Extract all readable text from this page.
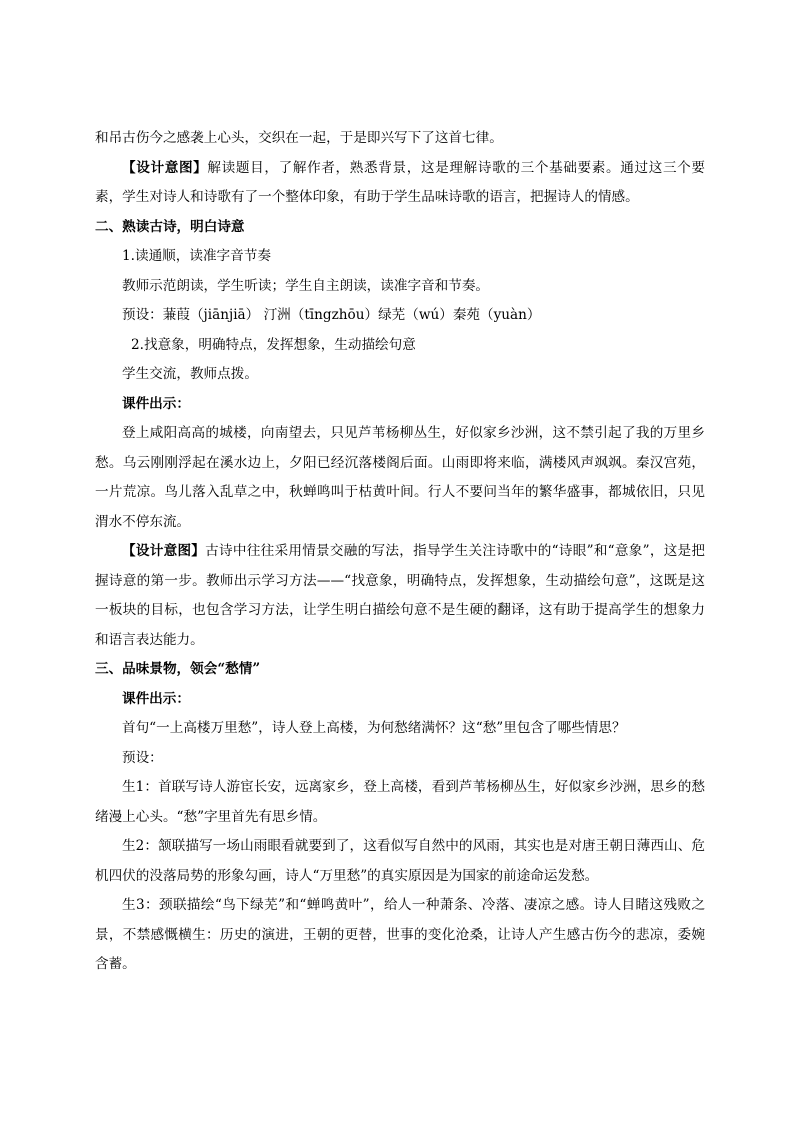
和吊古伤今之感袭上心头，交织在一起，于是即兴写下了这首七律。

【设计意图】解读题目，了解作者，熟悉背景，这是理解诗歌的三个基础要素。通过这三个要素，学生对诗人和诗歌有了一个整体印象，有助于学生品味诗歌的语言，把握诗人的情感。

二、熟读古诗，明白诗意

1.读通顺，读准字音节奏

教师示范朗读，学生听读；学生自主朗读，读准字音和节奏。

预设：蒹葭（jiānjiā） 汀洲（tīngzhōu）绿芜（wú）秦苑（yuàn）

2.找意象，明确特点，发挥想象，生动描绘句意

学生交流，教师点拨。

课件出示：

登上咸阳高高的城楼，向南望去，只见芦苇杨柳丛生，好似家乡沙洲，这不禁引起了我的万里乡愁。乌云刚刚浮起在溪水边上，夕阳已经沉落楼阁后面。山雨即将来临，满楼风声飒飒。秦汉宫苑，一片荒凉。鸟儿落入乱草之中，秋蝉鸣叫于枯黄叶间。行人不要问当年的繁华盛事，都城依旧，只见渭水不停东流。

【设计意图】古诗中往往采用情景交融的写法，指导学生关注诗歌中的“诗眼”和“意象”，这是把握诗意的第一步。教师出示学习方法——“找意象，明确特点，发挥想象，生动描绘句意”，这既是这一板块的目标，也包含学习方法，让学生明白描绘句意不是生硬的翻译，这有助于提高学生的想象力和语言表达能力。

三、品味景物，领会“愁情”

课件出示：

首句“一上高楼万里愁”，诗人登上高楼，为何愁绪满怀？这“愁”里包含了哪些情思？

预设：

生1：首联写诗人游宦长安，远离家乡，登上高楼，看到芦苇杨柳丛生，好似家乡沙洲，思乡的愁绪漫上心头。“愁”字里首先有思乡情。

生2：颔联描写一场山雨眼看就要到了，这看似写自然中的风雨，其实也是对唐王朝日薄西山、危机四伏的没落局势的形象勾画，诗人“万里愁”的真实原因是为国家的前途命运发愁。

生3：颈联描绘“鸟下绿芜”和“蝉鸣黄叶”，给人一种萧条、冷落、凄凉之感。诗人目睹这残败之景，不禁感慨横生：历史的演进，王朝的更替，世事的变化沧桑，让诗人产生感古伤今的悲凉，委婉含蓄。
